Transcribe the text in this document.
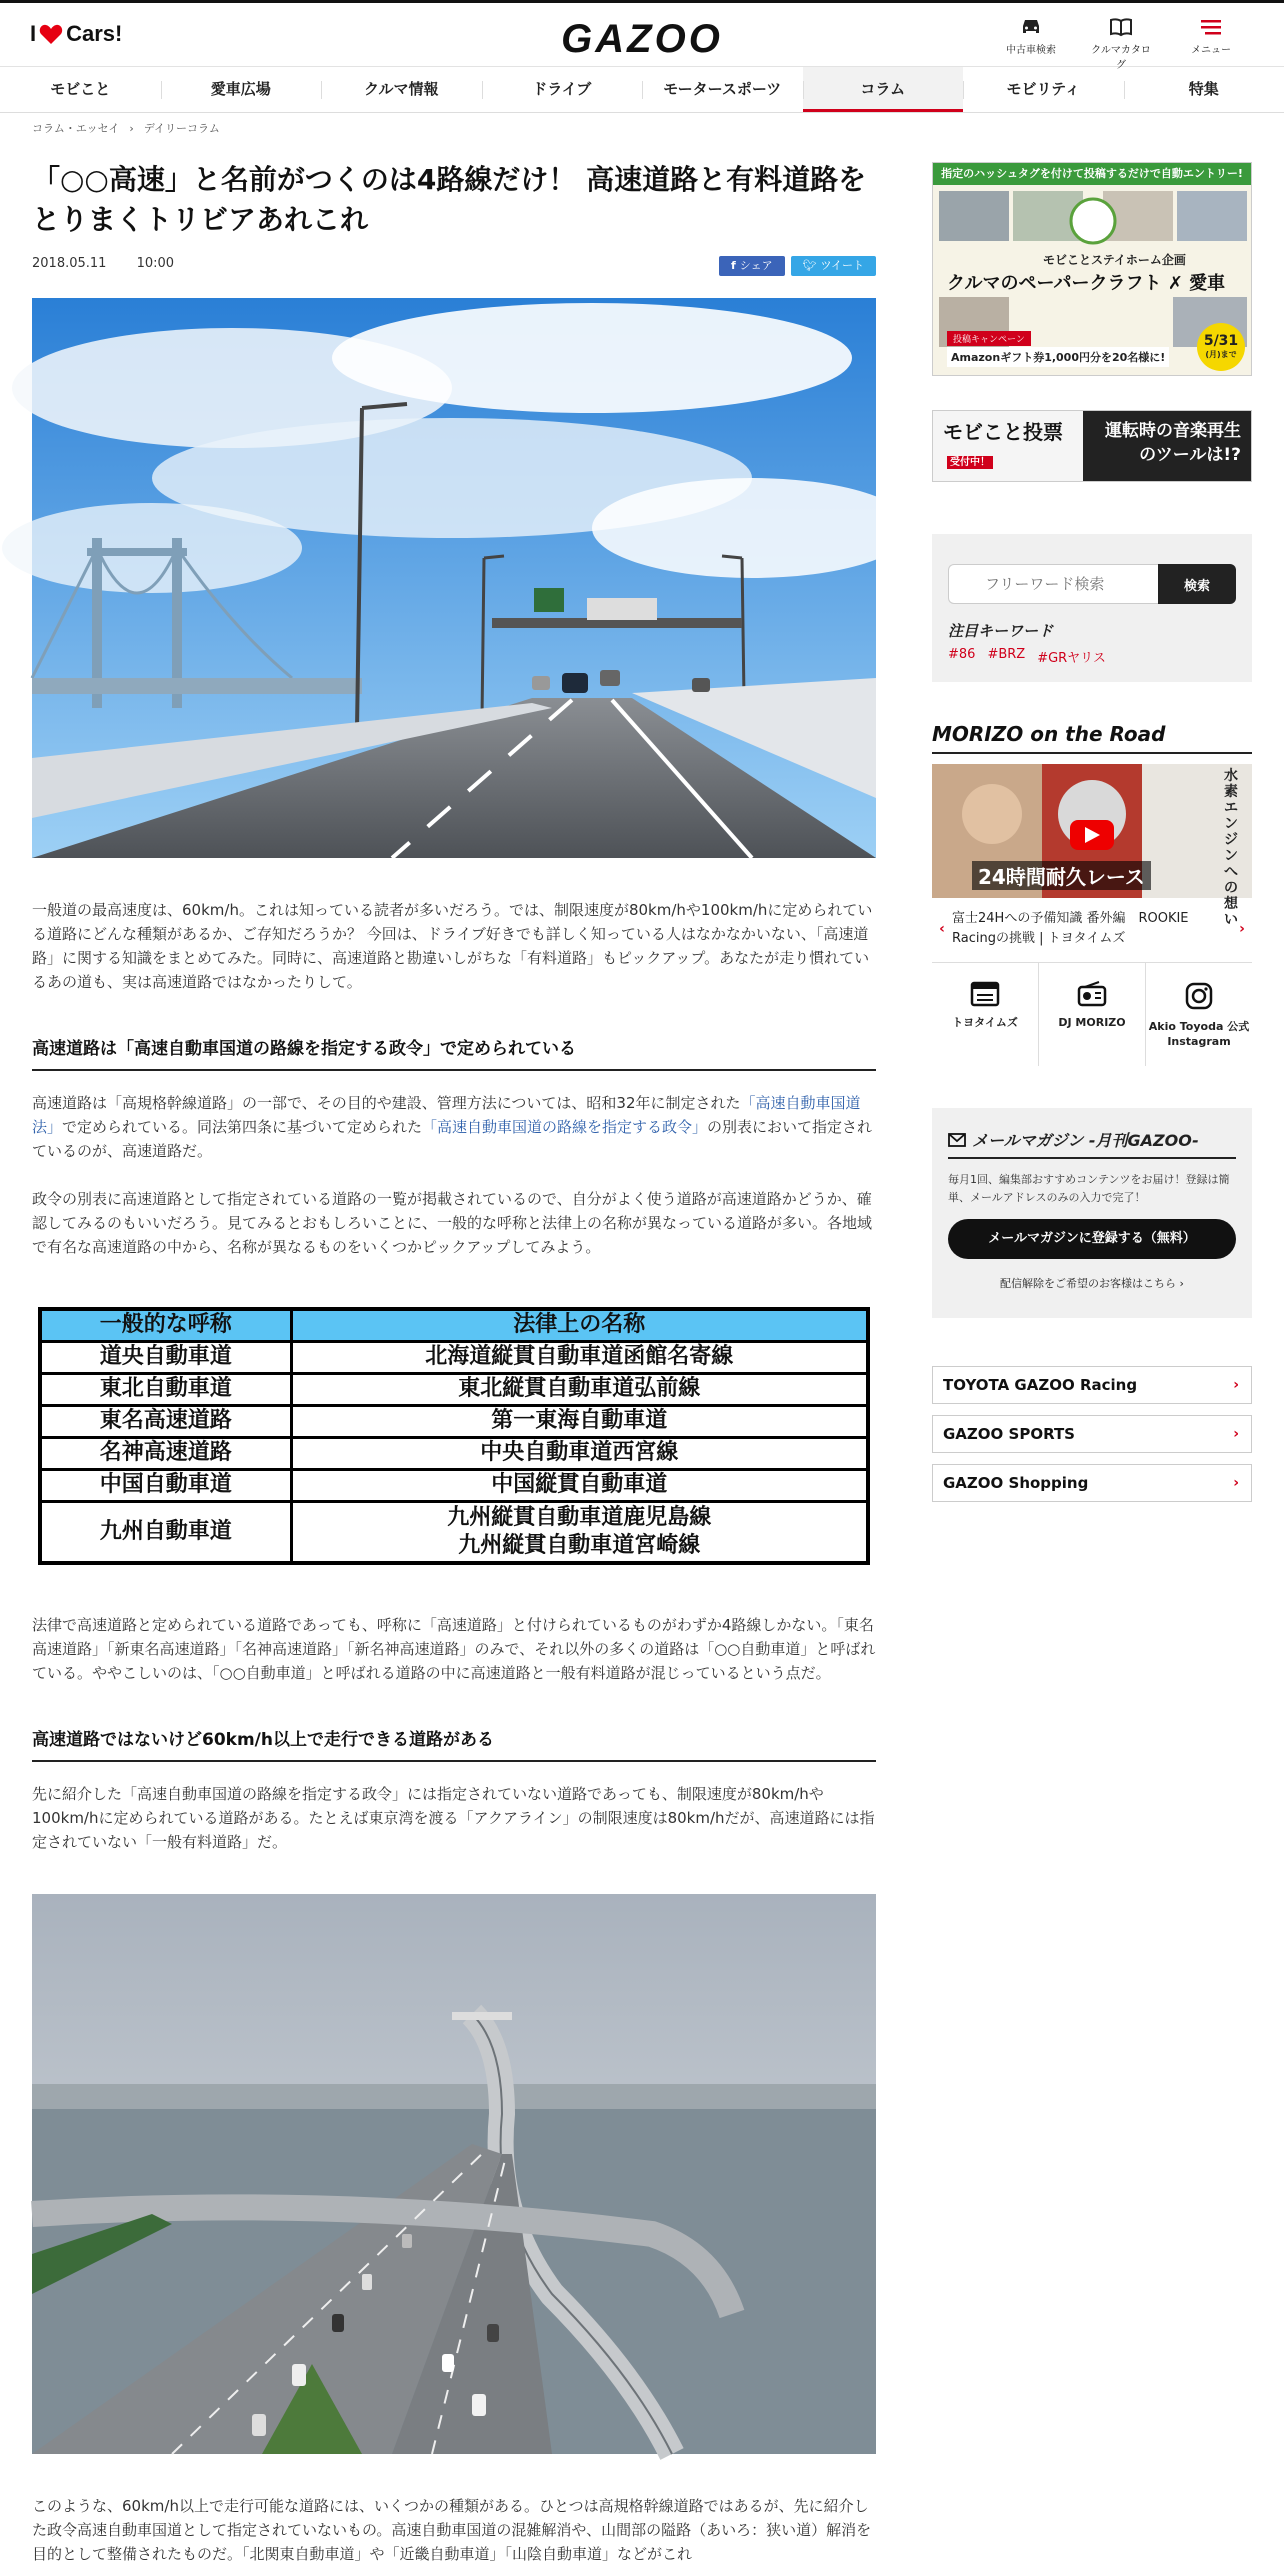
I Cars!	GAZOO	中古車検索	クルマカタログ
メニュー
モビこと	愛車広場	クルマ情報	ドライブ	モータースポーツ	コラム	モビリティ	特集
コラム・エッセイ › デイリーコラム
「○○高速」と名前がつくのは4路線だけ！ 高速道路と有料道路をとりまくトリビアあれこれ
2018.05.11 10:00	f シェア	🐦︎ ツイート

一般道の最高速度は、60km/h。これは知っている読者が多いだろう。では、制限速度が80km/hや100km/hに定められている道路にどんな種類があるか、ご存知だろうか？ 今回は、ドライブ好きでも詳しく知っている人はなかなかいない、「高速道路」に関する知識をまとめてみた。同時に、高速道路と勘違いしがちな「有料道路」もピックアップ。あなたが走り慣れているあの道も、実は高速道路ではなかったりして。

高速道路は「高速自動車国道の路線を指定する政令」で定められている

高速道路は「高規格幹線道路」の一部で、その目的や建設、管理方法については、昭和32年に制定された「高速自動車国道法」で定められている。同法第四条に基づいて定められた「高速自動車国道の路線を指定する政令」の別表において指定されているのが、高速道路だ。

政令の別表に高速道路として指定されている道路の一覧が掲載されているので、自分がよく使う道路が高速道路かどうか、確認してみるのもいいだろう。見てみるとおもしろいことに、一般的な呼称と法律上の名称が異なっている道路が多い。各地域で有名な高速道路の中から、名称が異なるものをいくつかピックアップしてみよう。

一般的な呼称	法律上の名称
道央自動車道	北海道縦貫自動車道函館名寄線
東北自動車道	東北縦貫自動車道弘前線
東名高速道路	第一東海自動車道
名神高速道路	中央自動車道西宮線
中国自動車道	中国縦貫自動車道
九州自動車道	九州縦貫自動車道鹿児島線
九州縦貫自動車道宮崎線

法律で高速道路と定められている道路であっても、呼称に「高速道路」と付けられているものがわずか4路線しかない。「東名高速道路」「新東名高速道路」「名神高速道路」「新名神高速道路」のみで、それ以外の多くの道路は「○○自動車道」と呼ばれている。ややこしいのは、「○○自動車道」と呼ばれる道路の中に高速道路と一般有料道路が混じっているという点だ。

高速道路ではないけど60km/h以上で走行できる道路がある

先に紹介した「高速自動車国道の路線を指定する政令」には指定されていない道路であっても、制限速度が80km/hや100km/hに定められている道路がある。たとえば東京湾を渡る「アクアライン」の制限速度は80km/hだが、高速道路には指定されていない「一般有料道路」だ。

このような、60km/h以上で走行可能な道路には、いくつかの種類がある。ひとつは高規格幹線道路ではあるが、先に紹介した政令高速自動車国道として指定されていないもの。高速自動車国道の混雑解消や、山間部の隘路（あいろ：狭い道）解消を目的として整備されたものだ。「北関東自動車道」や「近畿自動車道」「山陰自動車道」などがこれ

指定のハッシュタグを付けて投稿するだけで自動エントリー!
モビことステイホーム企画
クルマのペーパークラフト ✗ 愛車
投稿キャンペーン
Amazonギフト券1,000円分を20名様に!
5/31
(月)まで
モビこと投票受付中！
運転時の音楽再生のツールは!?
フリーワード検索
検索
注目キーワード
#86 #BRZ #GRヤリス
MORIZO on the Road
24時間耐久レース
水素エンジンへの想い
‹
富士24Hへの予備知識 番外編　ROOKIE Racingの挑戦 | トヨタイムズ
›
トヨタイムズ	DJ MORIZO	Akio Toyoda 公式Instagram
メールマガジン -月刊GAZOO-
毎月1回、編集部おすすめコンテンツをお届け！登録は簡単、メールアドレスのみの入力で完了！
メールマガジンに登録する（無料）
配信解除をご希望のお客様はこちら ›
TOYOTA GAZOO Racing	›
GAZOO SPORTS	›
GAZOO Shopping	›
